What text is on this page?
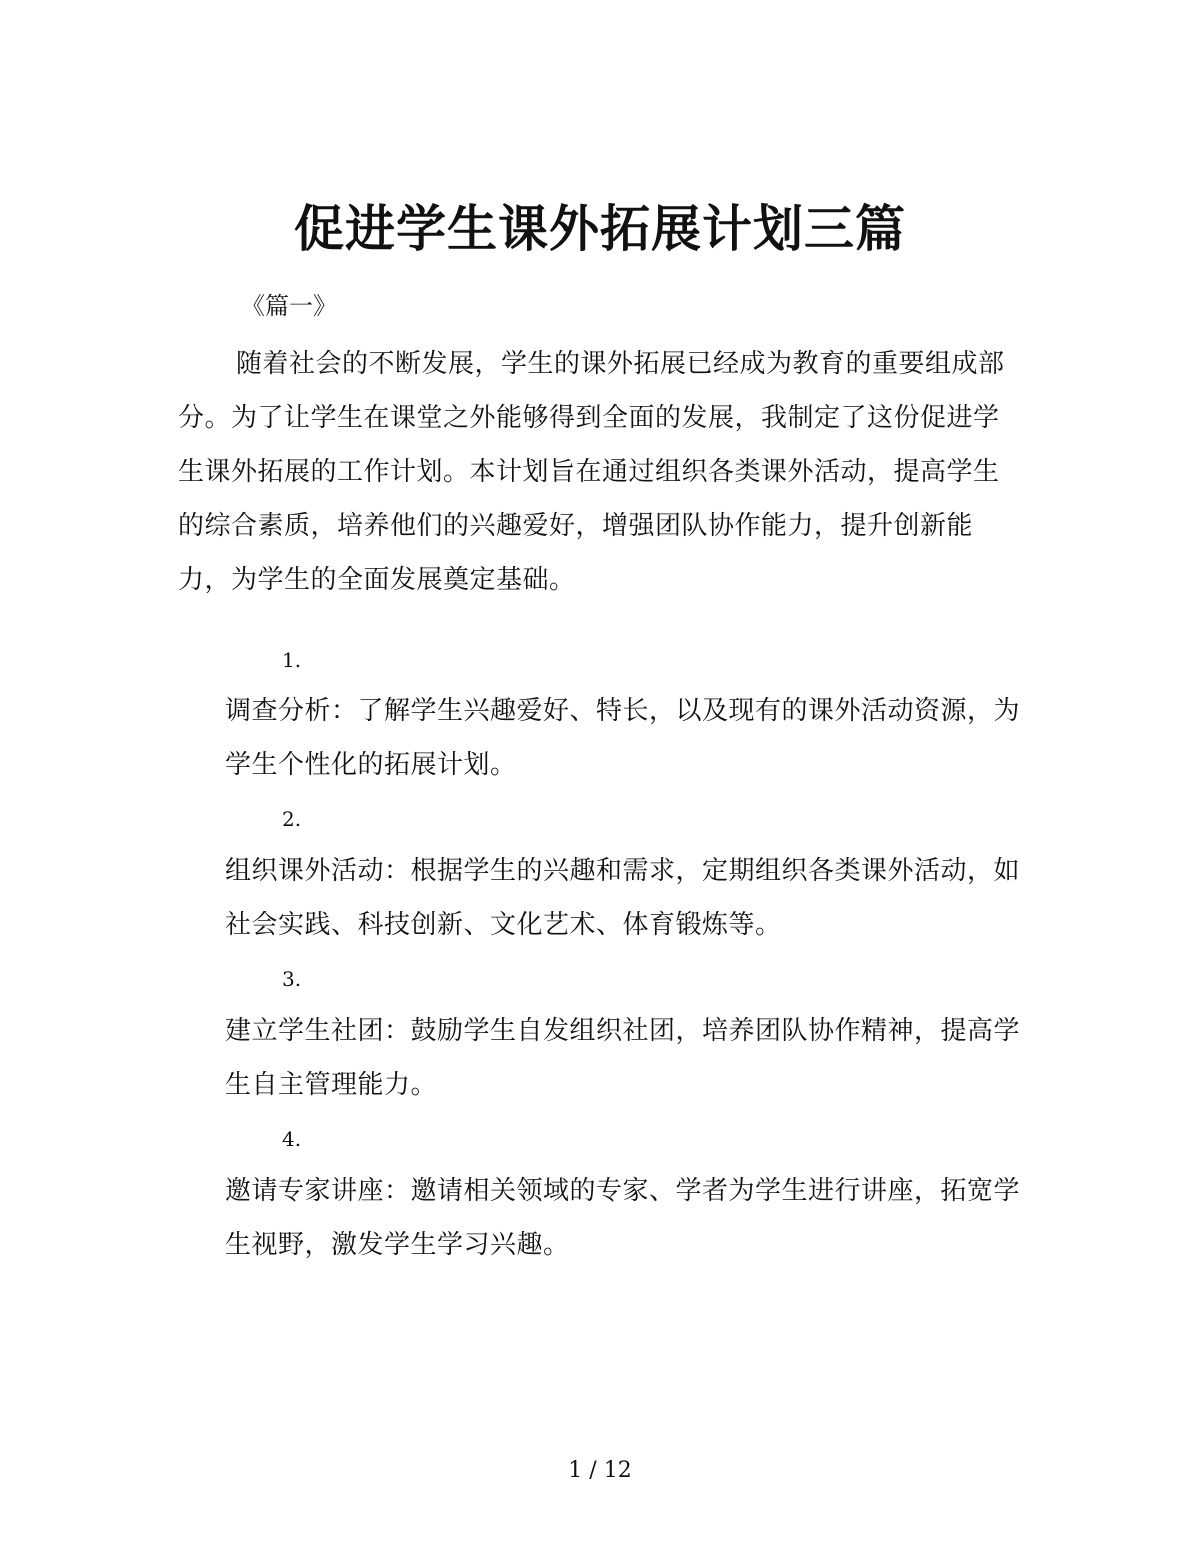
促进学生课外拓展计划三篇
《篇一》

随着社会的不断发展，学生的课外拓展已经成为教育的重要组成部分。为了让学生在课堂之外能够得到全面的发展，我制定了这份促进学生课外拓展的工作计划。本计划旨在通过组织各类课外活动，提高学生的综合素质，培养他们的兴趣爱好，增强团队协作能力，提升创新能力，为学生的全面发展奠定基础。

1.

调查分析：了解学生兴趣爱好、特长，以及现有的课外活动资源，为学生个性化的拓展计划。

2.

组织课外活动：根据学生的兴趣和需求，定期组织各类课外活动，如社会实践、科技创新、文化艺术、体育锻炼等。

3.

建立学生社团：鼓励学生自发组织社团，培养团队协作精神，提高学生自主管理能力。

4.

邀请专家讲座：邀请相关领域的专家、学者为学生进行讲座，拓宽学生视野，激发学生学习兴趣。

1 / 12
